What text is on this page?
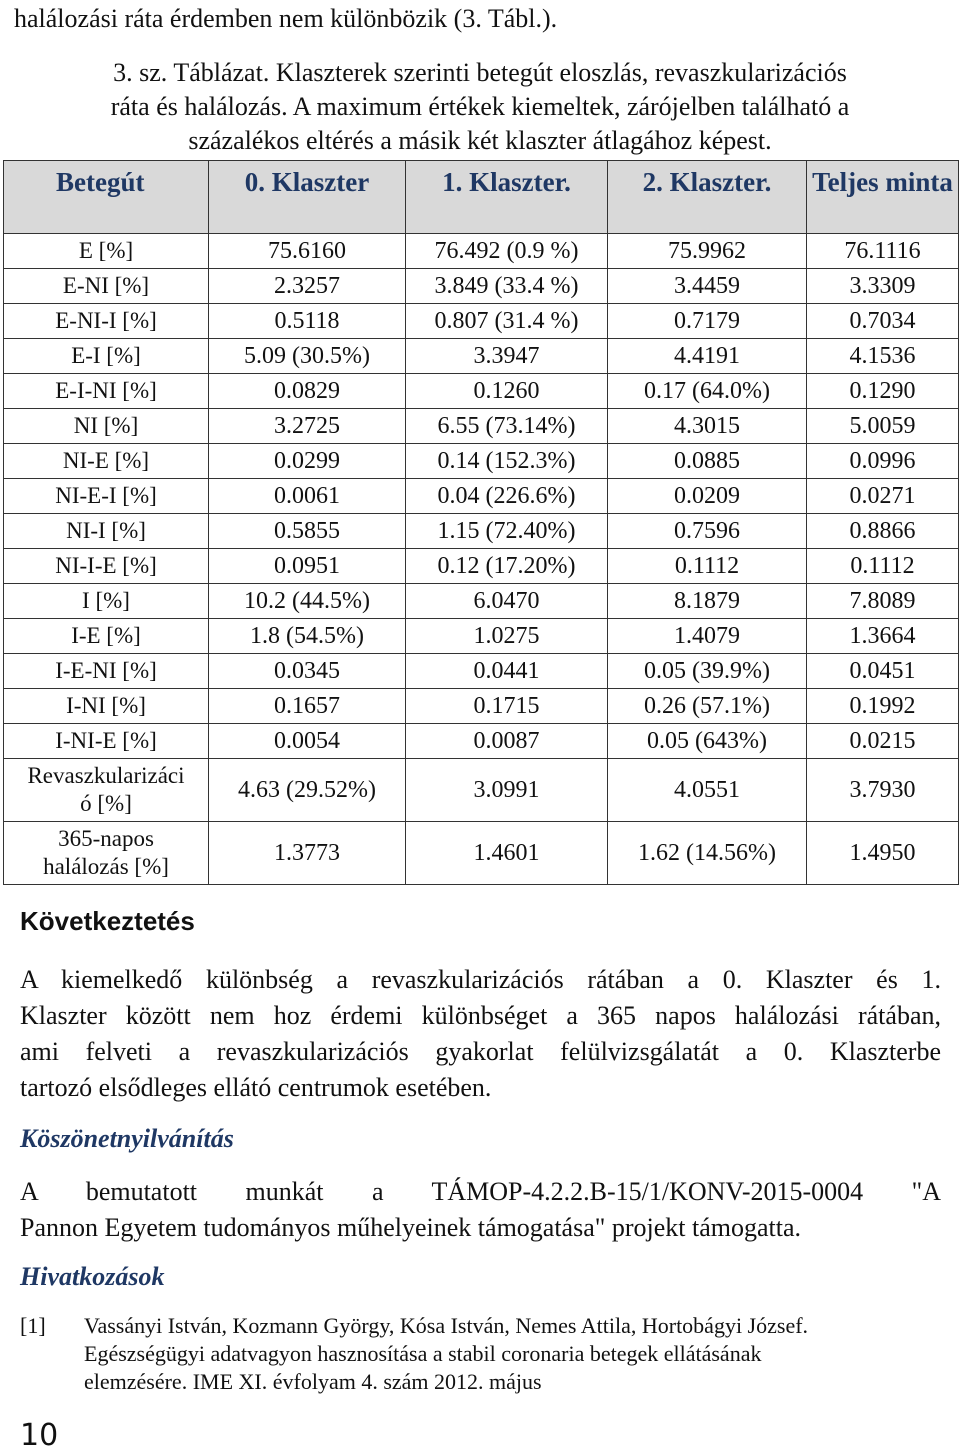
halálozási ráta érdemben nem különbözik (3. Tábl.).
3. sz. Táblázat. Klaszterek szerinti betegút eloszlás, revaszkularizációs
ráta és halálozás. A maximum értékek kiemeltek, zárójelben található a
százalékos eltérés a másik két klaszter átlagához képest.
Betegút	0. Klaszter	1. Klaszter.	2. Klaszter.	Teljes minta
E [%]	75.6160	76.492 (0.9 %)	75.9962	76.1116
E-NI [%]	2.3257	3.849 (33.4 %)	3.4459	3.3309
E-NI-I [%]	0.5118	0.807 (31.4 %)	0.7179	0.7034
E-I [%]	5.09 (30.5%)	3.3947	4.4191	4.1536
E-I-NI [%]	0.0829	0.1260	0.17 (64.0%)	0.1290
NI [%]	3.2725	6.55 (73.14%)	4.3015	5.0059
NI-E [%]	0.0299	0.14 (152.3%)	0.0885	0.0996
NI-E-I [%]	0.0061	0.04 (226.6%)	0.0209	0.0271
NI-I [%]	0.5855	1.15 (72.40%)	0.7596	0.8866
NI-I-E [%]	0.0951	0.12 (17.20%)	0.1112	0.1112
I [%]	10.2 (44.5%)	6.0470	8.1879	7.8089
I-E [%]	1.8 (54.5%)	1.0275	1.4079	1.3664
I-E-NI [%]	0.0345	0.0441	0.05 (39.9%)	0.0451
I-NI [%]	0.1657	0.1715	0.26 (57.1%)	0.1992
I-NI-E [%]	0.0054	0.0087	0.05 (643%)	0.0215

Revaszkularizáci
ó [%]	4.63 (29.52%)	3.0991	4.0551	3.7930

365-napos
halálozás [%]	1.3773	1.4601	1.62 (14.56%)	1.4950
Következtetés
A kiemelkedő különbség a revaszkularizációs rátában a 0. Klaszter és 1.
Klaszter között nem hoz érdemi különbséget a 365 napos halálozási rátában,
ami felveti a revaszkularizációs gyakorlat felülvizsgálatát a 0. Klaszterbe
tartozó elsődleges ellátó centrumok esetében.
Köszönetnyilvánítás
A bemutatott munkát a TÁMOP-4.2.2.B-15/1/KONV-2015-0004 "A
Pannon Egyetem tudományos műhelyeinek támogatása" projekt támogatta.
Hivatkozások
[1] Vassányi István, Kozmann György, Kósa István, Nemes Attila, Hortobágyi József.
Egészségügyi adatvagyon hasznosítása a stabil coronaria betegek ellátásának
elemzésére. IME XI. évfolyam 4. szám 2012. május
10
